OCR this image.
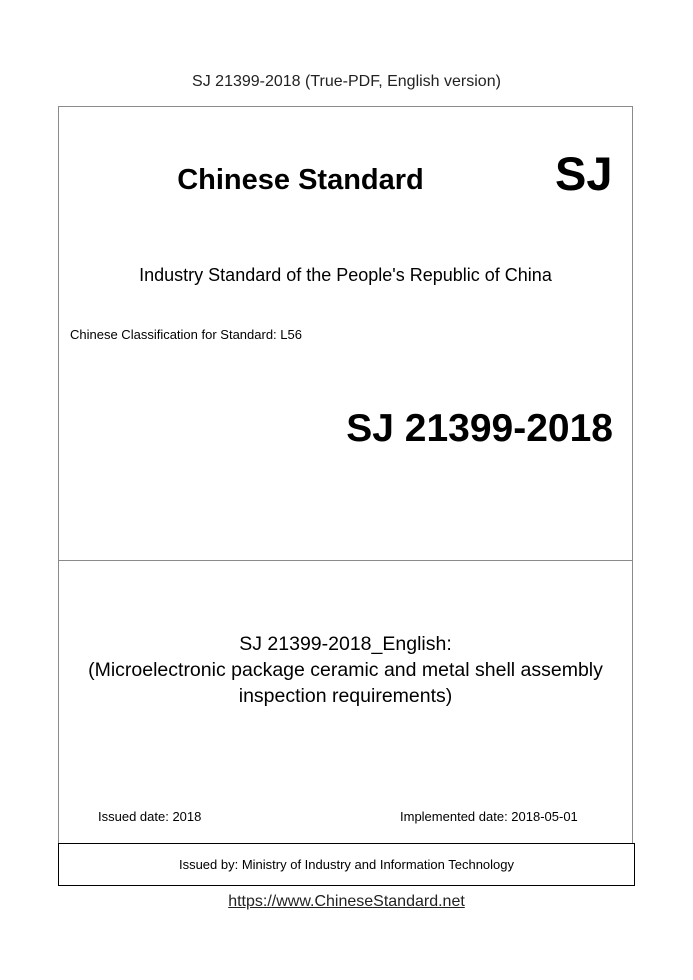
SJ 21399-2018 (True-PDF, English version)
Chinese Standard	SJ
Industry Standard of the People's Republic of China
Chinese Classification for Standard: L56
SJ 21399-2018
SJ 21399-2018_English:
(Microelectronic package ceramic and metal shell assembly
inspection requirements)
Issued date: 2018	Implemented date: 2018-05-01
Issued by: Ministry of Industry and Information Technology
https://www.ChineseStandard.net
